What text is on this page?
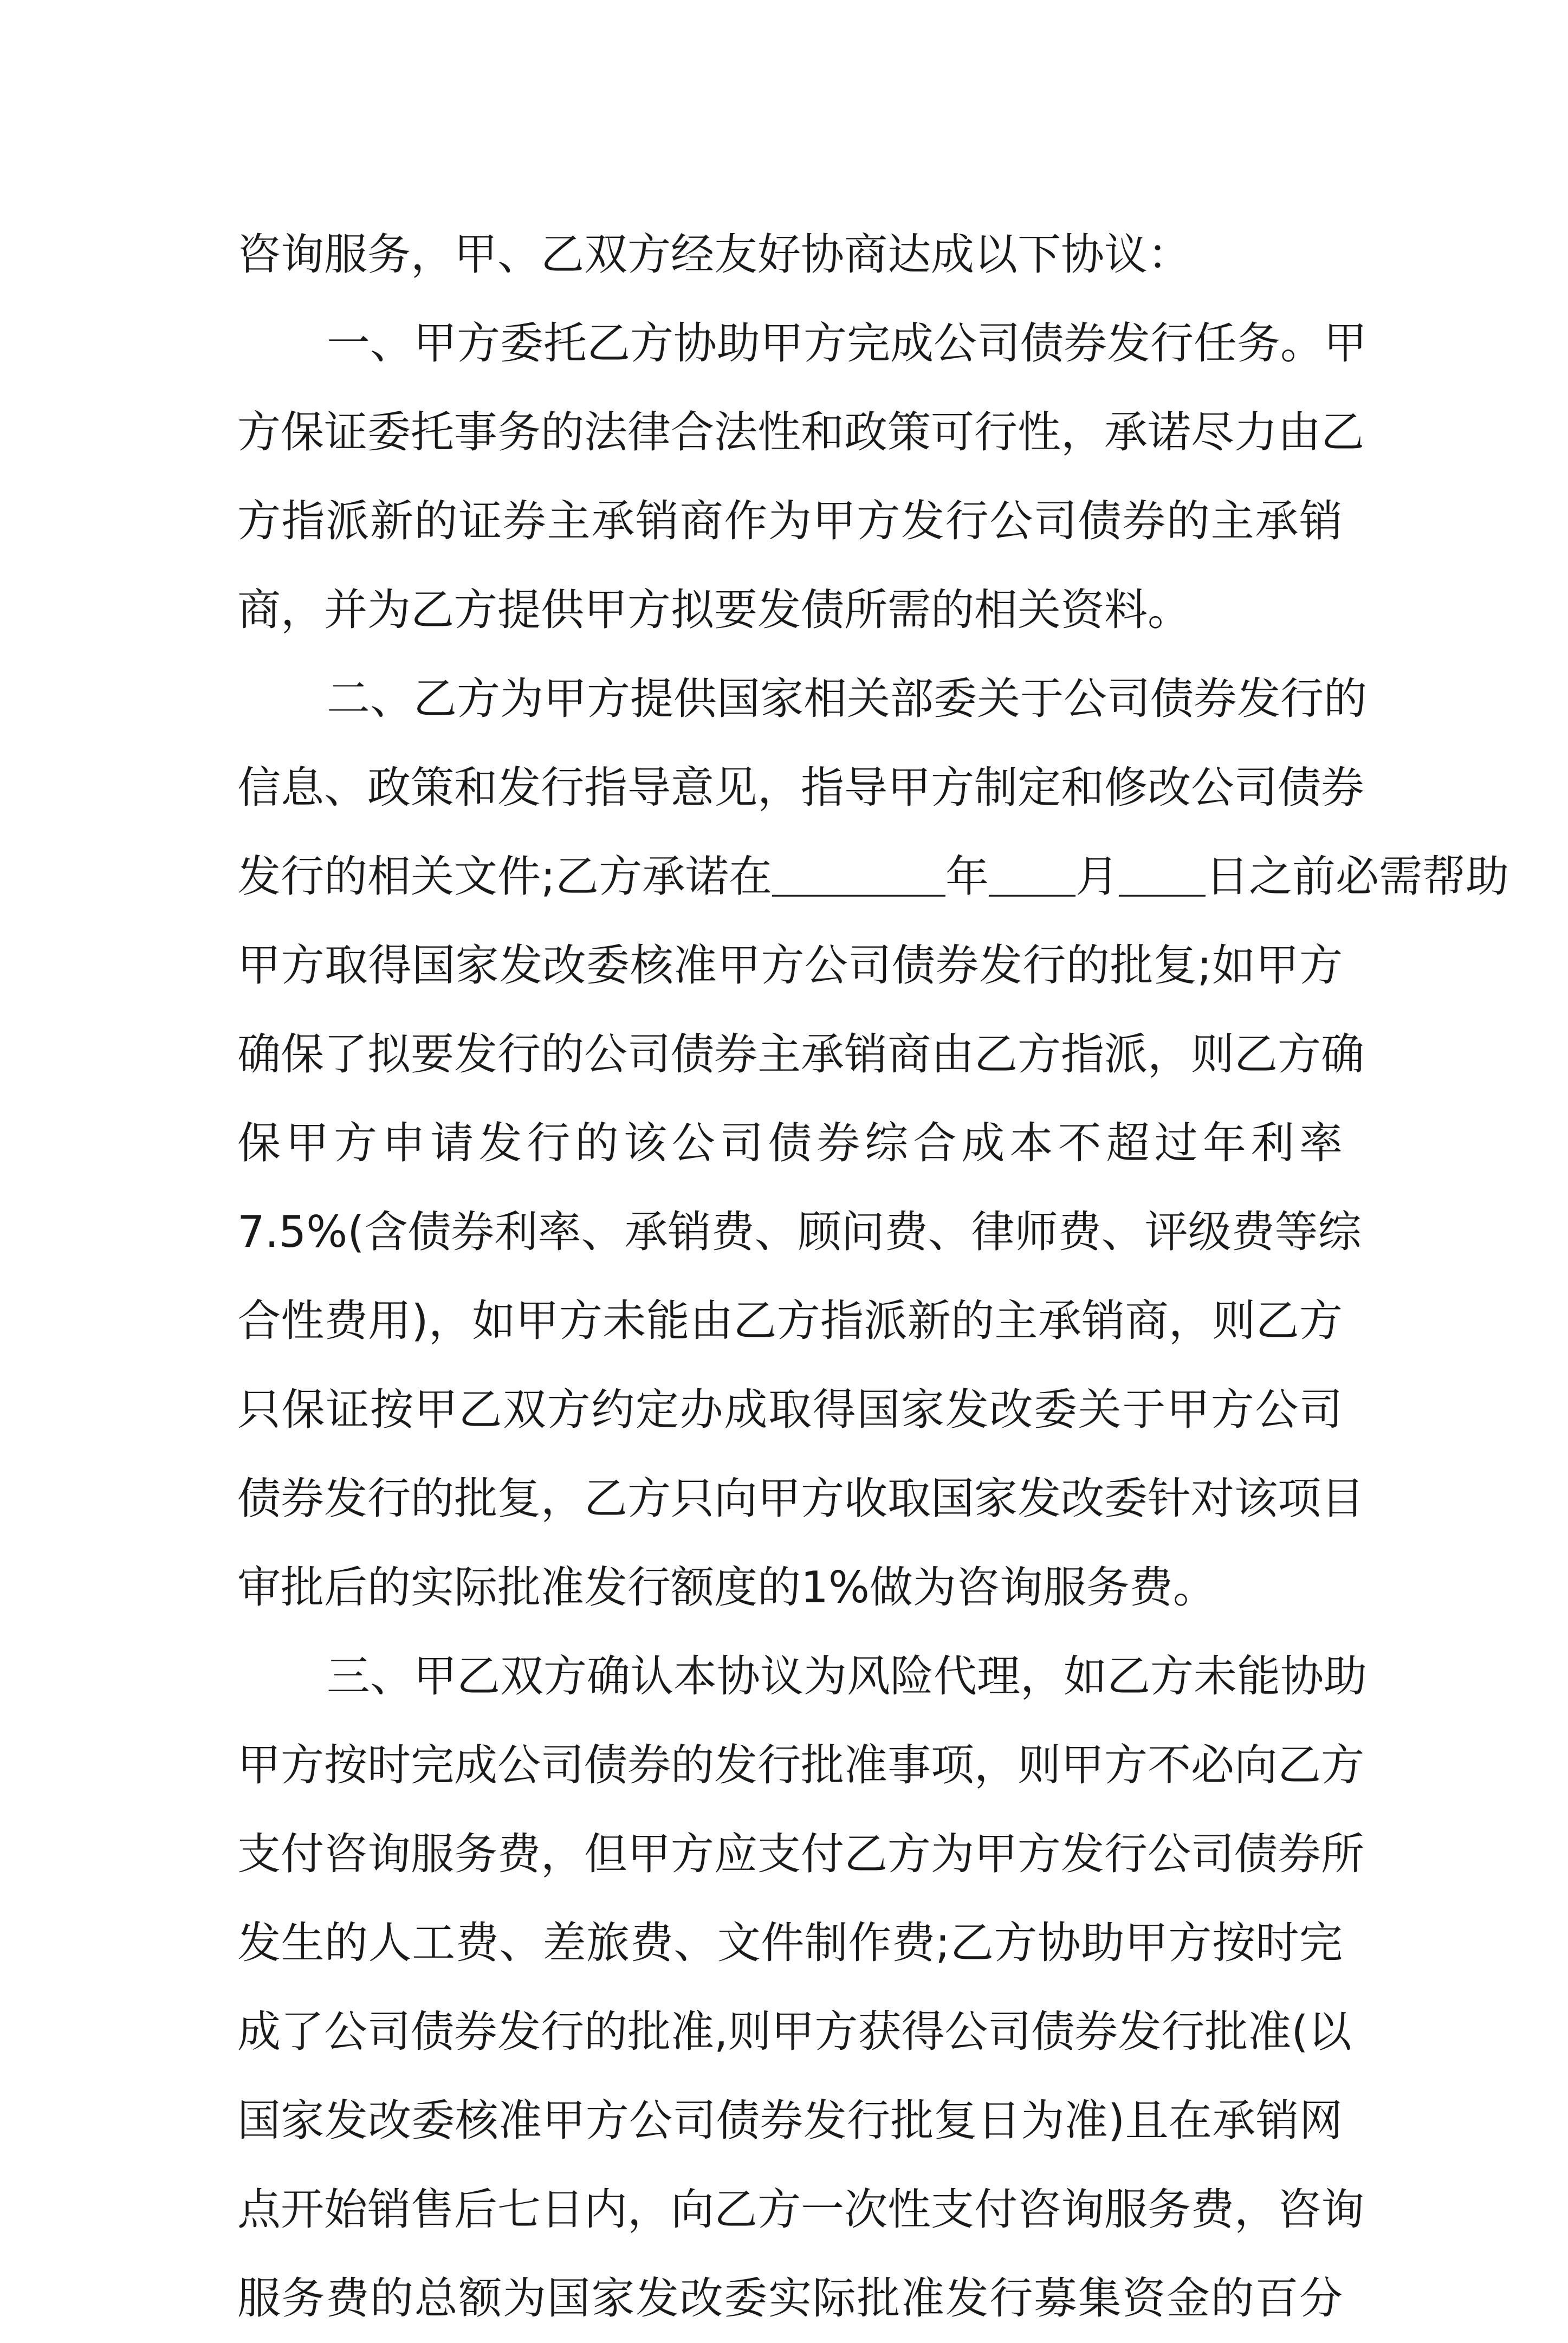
咨询服务，甲、乙双方经友好协商达成以下协议：
一、甲方委托乙方协助甲方完成公司债券发行任务。甲
方保证委托事务的法律合法性和政策可行性，承诺尽力由乙
方指派新的证券主承销商作为甲方发行公司债券的主承销
商，并为乙方提供甲方拟要发债所需的相关资料。
二、乙方为甲方提供国家相关部委关于公司债券发行的
信息、政策和发行指导意见，指导甲方制定和修改公司债券
发行的相关文件;乙方承诺在＿＿＿＿年＿＿月＿＿日之前必需帮助
甲方取得国家发改委核准甲方公司债券发行的批复;如甲方
确保了拟要发行的公司债券主承销商由乙方指派，则乙方确
保甲方申请发行的该公司债券综合成本不超过年利率
7.5%(含债券利率、承销费、顾问费、律师费、评级费等综
合性费用)，如甲方未能由乙方指派新的主承销商，则乙方
只保证按甲乙双方约定办成取得国家发改委关于甲方公司
债券发行的批复，乙方只向甲方收取国家发改委针对该项目
审批后的实际批准发行额度的1%做为咨询服务费。
三、甲乙双方确认本协议为风险代理，如乙方未能协助
甲方按时完成公司债券的发行批准事项，则甲方不必向乙方
支付咨询服务费，但甲方应支付乙方为甲方发行公司债券所
发生的人工费、差旅费、文件制作费;乙方协助甲方按时完
成了公司债券发行的批准,则甲方获得公司债券发行批准(以
国家发改委核准甲方公司债券发行批复日为准)且在承销网
点开始销售后七日内，向乙方一次性支付咨询服务费，咨询
服务费的总额为国家发改委实际批准发行募集资金的百分
